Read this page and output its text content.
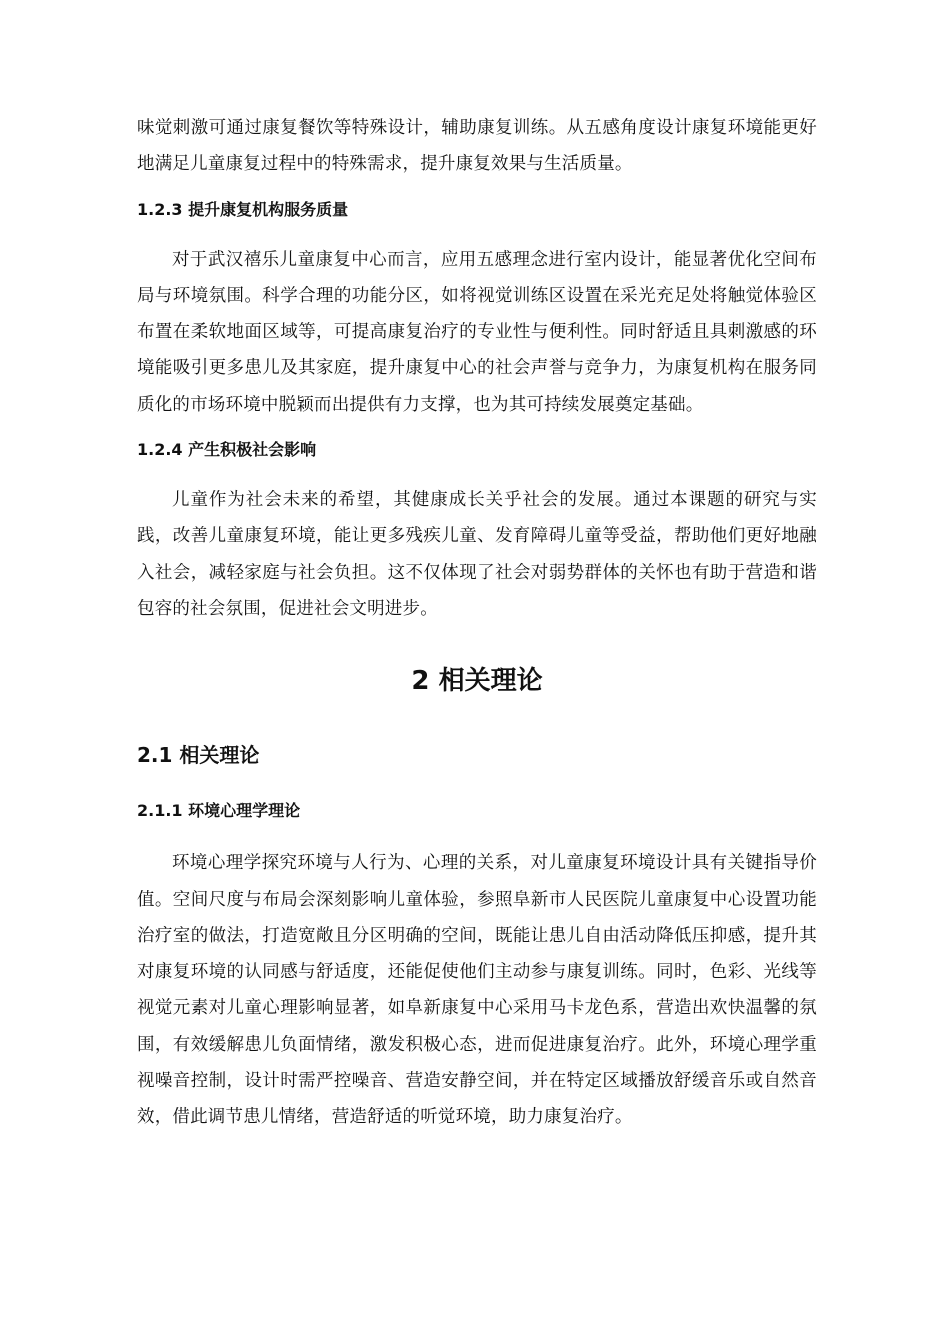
味觉刺激可通过康复餐饮等特殊设计，辅助康复训练。从五感角度设计康复环境能更好地满足儿童康复过程中的特殊需求，提升康复效果与生活质量。

1.2.3 提升康复机构服务质量

对于武汉禧乐儿童康复中心而言，应用五感理念进行室内设计，能显著优化空间布局与环境氛围。科学合理的功能分区，如将视觉训练区设置在采光充足处将触觉体验区布置在柔软地面区域等，可提高康复治疗的专业性与便利性。同时舒适且具刺激感的环境能吸引更多患儿及其家庭，提升康复中心的社会声誉与竞争力，为康复机构在服务同质化的市场环境中脱颖而出提供有力支撑，也为其可持续发展奠定基础。

1.2.4 产生积极社会影响

儿童作为社会未来的希望，其健康成长关乎社会的发展。通过本课题的研究与实践，改善儿童康复环境，能让更多残疾儿童、发育障碍儿童等受益，帮助他们更好地融入社会，减轻家庭与社会负担。这不仅体现了社会对弱势群体的关怀也有助于营造和谐包容的社会氛围，促进社会文明进步。

2 相关理论
2.1 相关理论
2.1.1 环境心理学理论

环境心理学探究环境与人行为、心理的关系，对儿童康复环境设计具有关键指导价值。空间尺度与布局会深刻影响儿童体验，参照阜新市人民医院儿童康复中心设置功能治疗室的做法，打造宽敞且分区明确的空间，既能让患儿自由活动降低压抑感，提升其对康复环境的认同感与舒适度，还能促使他们主动参与康复训练。同时，色彩、光线等视觉元素对儿童心理影响显著，如阜新康复中心采用马卡龙色系，营造出欢快温馨的氛围，有效缓解患儿负面情绪，激发积极心态，进而促进康复治疗。此外，环境心理学重视噪音控制，设计时需严控噪音、营造安静空间，并在特定区域播放舒缓音乐或自然音效，借此调节患儿情绪，营造舒适的听觉环境，助力康复治疗。
